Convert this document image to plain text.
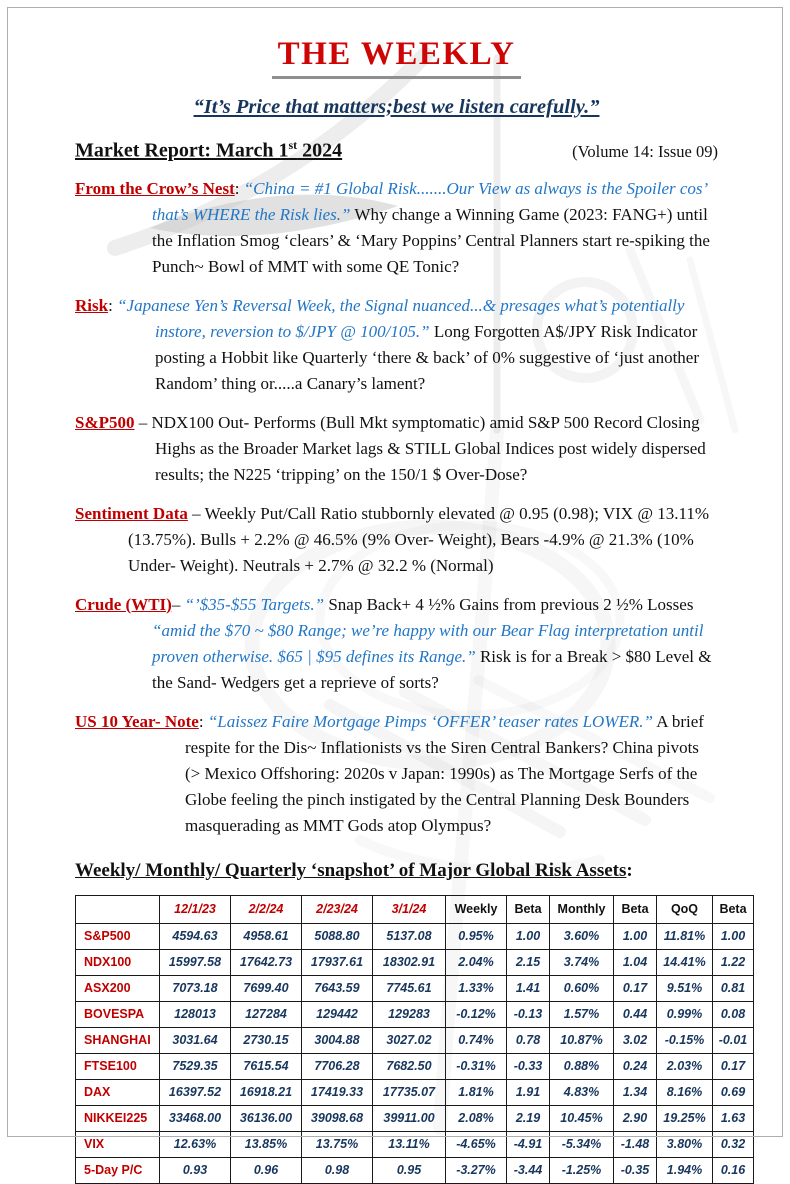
THE WEEKLY
“It’s Price that matters;best we listen carefully.”
Market Report: March 1st 2024	(Volume 14: Issue 09)

From the Crow’s Nest: “China = #1 Global Risk.......Our View as always is the Spoiler cos’ that’s WHERE the Risk lies.” Why change a Winning Game (2023: FANG+) until the Inflation Smog ‘clears’ & ‘Mary Poppins’ Central Planners start re-spiking the Punch~ Bowl of MMT with some QE Tonic?

Risk: “Japanese Yen’s Reversal Week, the Signal nuanced...& presages what’s potentially instore, reversion to $/JPY @ 100/105.” Long Forgotten A$/JPY Risk Indicator posting a Hobbit like Quarterly ‘there & back’ of 0% suggestive of ‘just another Random’ thing or.....a Canary’s lament?

S&P500 – NDX100 Out- Performs (Bull Mkt symptomatic) amid S&P 500 Record Closing Highs as the Broader Market lags & STILL Global Indices post widely dispersed results; the N225 ‘tripping’ on the 150/1 $ Over-Dose?

Sentiment Data – Weekly Put/Call Ratio stubbornly elevated @ 0.95 (0.98); VIX @ 13.11% (13.75%). Bulls + 2.2% @ 46.5% (9% Over- Weight), Bears -4.9% @ 21.3% (10% Under- Weight). Neutrals + 2.7% @ 32.2 % (Normal)

Crude (WTI)– “’$35-$55 Targets.” Snap Back+ 4 ½% Gains from previous 2 ½% Losses “amid the $70 ~ $80 Range; we’re happy with our Bear Flag interpretation until proven otherwise. $65 | $95 defines its Range.” Risk is for a Break > $80 Level & the Sand- Wedgers get a reprieve of sorts?

US 10 Year- Note: “Laissez Faire Mortgage Pimps ‘OFFER’ teaser rates LOWER.” A brief respite for the Dis~ Inflationists vs the Siren Central Bankers? China pivots (> Mexico Offshoring: 2020s v Japan: 1990s) as The Mortgage Serfs of the Globe feeling the pinch instigated by the Central Planning Desk Bounders masquerading as MMT Gods atop Olympus?

Weekly/ Monthly/ Quarterly ‘snapshot’ of Major Global Risk Assets:
	12/1/23	2/2/24	2/23/24	3/1/24	Weekly	Beta	Monthly	Beta	QoQ	Beta
S&P500	4594.63	4958.61	5088.80	5137.08	0.95%	1.00	3.60%	1.00	11.81%	1.00
NDX100	15997.58	17642.73	17937.61	18302.91	2.04%	2.15	3.74%	1.04	14.41%	1.22
ASX200	7073.18	7699.40	7643.59	7745.61	1.33%	1.41	0.60%	0.17	9.51%	0.81
BOVESPA	128013	127284	129442	129283	-0.12%	-0.13	1.57%	0.44	0.99%	0.08
SHANGHAI	3031.64	2730.15	3004.88	3027.02	0.74%	0.78	10.87%	3.02	-0.15%	-0.01
FTSE100	7529.35	7615.54	7706.28	7682.50	-0.31%	-0.33	0.88%	0.24	2.03%	0.17
DAX	16397.52	16918.21	17419.33	17735.07	1.81%	1.91	4.83%	1.34	8.16%	0.69
NIKKEI225	33468.00	36136.00	39098.68	39911.00	2.08%	2.19	10.45%	2.90	19.25%	1.63
VIX	12.63%	13.85%	13.75%	13.11%	-4.65%	-4.91	-5.34%	-1.48	3.80%	0.32
5-Day P/C	0.93	0.96	0.98	0.95	-3.27%	-3.44	-1.25%	-0.35	1.94%	0.16
